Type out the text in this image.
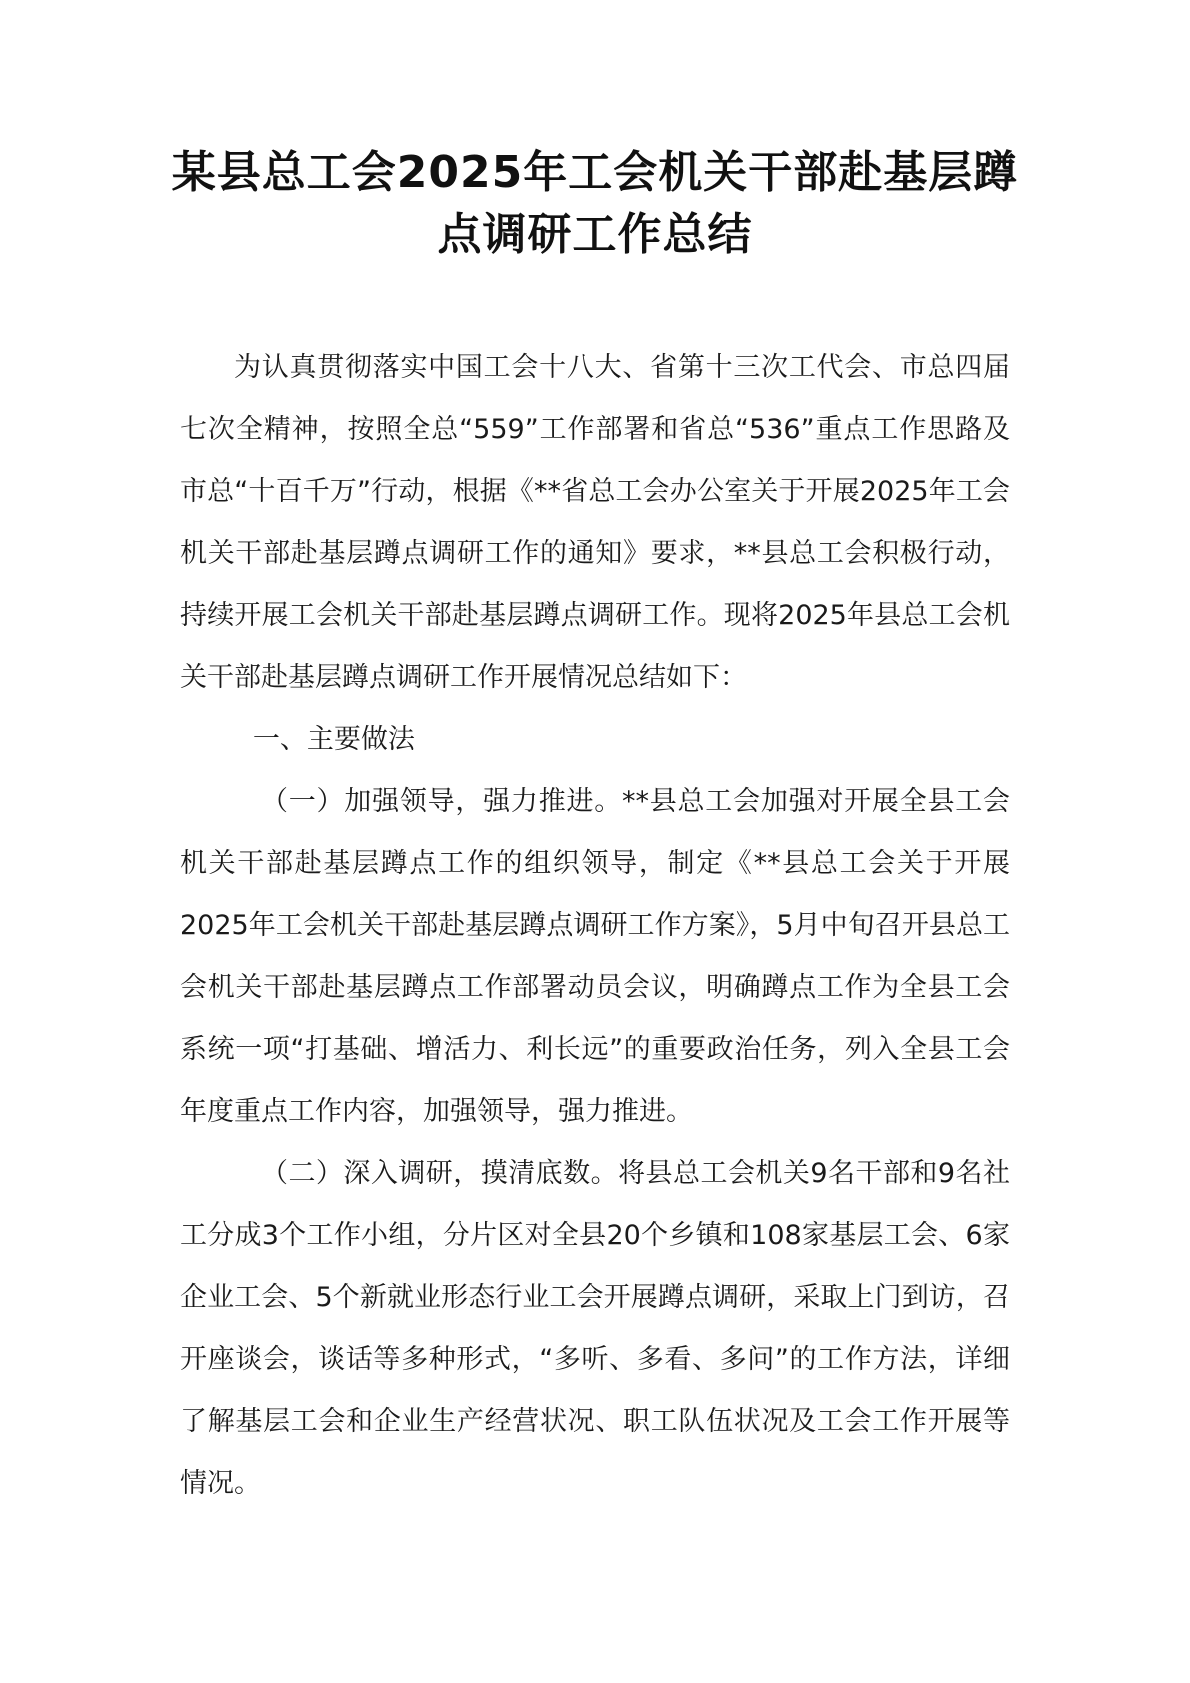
某县总工会2025年工会机关干部赴基层蹲点调研工作总结

为认真贯彻落实中国工会十八大、省第十三次工代会、市总四届七次全精神，按照全总“559”工作部署和省总“536”重点工作思路及市总“十百千万”行动，根据《**省总工会办公室关于开展2025年工会机关干部赴基层蹲点调研工作的通知》要求，**县总工会积极行动，持续开展工会机关干部赴基层蹲点调研工作。现将2025年县总工会机关干部赴基层蹲点调研工作开展情况总结如下：

一、主要做法

（一）加强领导，强力推进。**县总工会加强对开展全县工会机关干部赴基层蹲点工作的组织领导，制定《**县总工会关于开展2025年工会机关干部赴基层蹲点调研工作方案》，5月中旬召开县总工会机关干部赴基层蹲点工作部署动员会议，明确蹲点工作为全县工会系统一项“打基础、增活力、利长远”的重要政治任务，列入全县工会年度重点工作内容，加强领导，强力推进。

（二）深入调研，摸清底数。将县总工会机关9名干部和9名社工分成3个工作小组，分片区对全县20个乡镇和108家基层工会、6家企业工会、5个新就业形态行业工会开展蹲点调研，采取上门到访，召开座谈会，谈话等多种形式，“多听、多看、多问”的工作方法，详细了解基层工会和企业生产经营状况、职工队伍状况及工会工作开展等情况。
